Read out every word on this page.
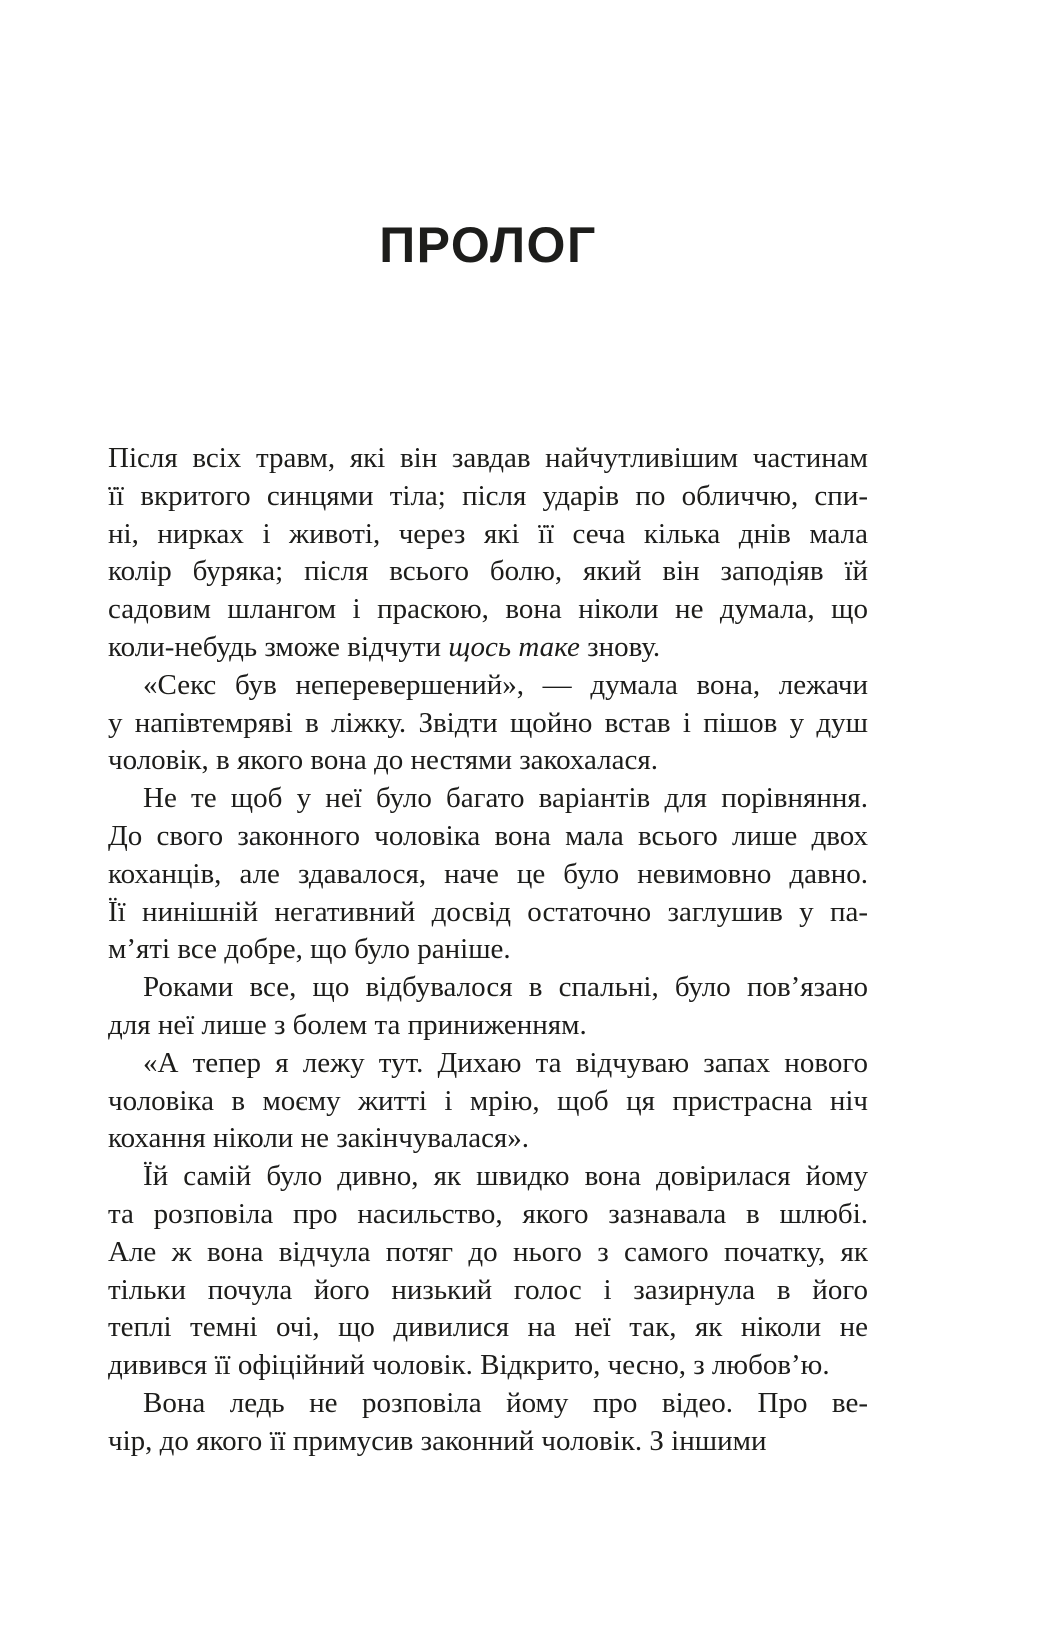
ПРОЛОГ
Після всіх травм, які він завдав найчутливішим частинам
її вкритого синцями тіла; після ударів по обличчю, спи-
ні, нирках і животі, через які її сеча кілька днів мала
колір буряка; після всього болю, який він заподіяв їй
садовим шлангом і праскою, вона ніколи не думала, що
коли-небудь зможе відчути щось таке знову.
«Секс був неперевершений», — думала вона, лежачи
у напівтемряві в ліжку. Звідти щойно встав і пішов у душ
чоловік, в якого вона до нестями закохалася.
Не те щоб у неї було багато варіантів для порівняння.
До свого законного чоловіка вона мала всього лише двох
коханців, але здавалося, наче це було невимовно давно.
Її нинішній негативний досвід остаточно заглушив у па-
м’яті все добре, що було раніше.
Роками все, що відбувалося в спальні, було пов’язано
для неї лише з болем та приниженням.
«А тепер я лежу тут. Дихаю та відчуваю запах нового
чоловіка в моєму житті і мрію, щоб ця пристрасна ніч
кохання ніколи не закінчувалася».
Їй самій було дивно, як швидко вона довірилася йому
та розповіла про насильство, якого зазнавала в шлюбі.
Але ж вона відчула потяг до нього з самого початку, як
тільки почула його низький голос і зазирнула в його
теплі темні очі, що дивилися на неї так, як ніколи не
дивився її офіційний чоловік. Відкрито, чесно, з любов’ю.
Вона ледь не розповіла йому про відео. Про ве-
чір, до якого її примусив законний чоловік. З іншими
